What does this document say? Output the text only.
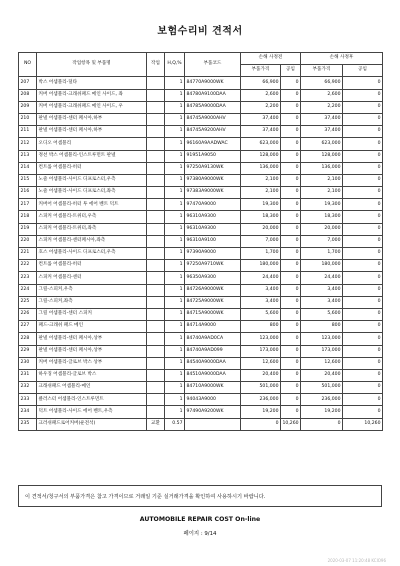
보험수리비 견적서
NO	작업항목 및 부품명	작업	H,Q,%	부품코드	손해 사정전		손해 사정후	
					부품가격	공임	부품가격	공임
207	박스 어셈블리-딜타		1	84770A9000WK	66,900	0	66,900	0
208	커버 어셈블리-크래쉬패드 메인 사이드, 좌		1	84780A9100DAA	2,600	0	2,600	0
209	커버 어셈블리-크래쉬패드 메인 사이드, 우		1	84785A9000DAA	2,200	0	2,200	0
210	판넬 어셈블리-센터 페시아,하부		1	84745A9000AHV	37,400	0	37,400	0
211	판넬 어셈블리-센터 페시아,하부		1	84745A9200AHV	37,400	0	37,400	0
212	오디오 어셈블리		1	96160A9AADWAC	623,000	0	623,000	0
213	정션 박스 어셈블리-인스트루먼트 판넬		1	91951A9050	128,000	0	128,000	0
214	컨트롤 어셈블리-히터		1	97250A9130WK	136,000	0	136,000	0
215	노즐 어셈블리-사이드 디프로스터,우측		1	97380A9000WK	2,100	0	2,100	0
216	노즐 어셈블리-사이드 디프로스터,좌측		1	97383A9000WK	2,100	0	2,100	0
217	커버어 어셈블리-히터 투 에어 벤트 덕트		1	97470A9000	19,300	0	19,300	0
218	스피커 어셈블리-트위터,우측		1	96310A9300	18,300	0	18,300	0
219	스피커 어셈블리-트위터,좌측		1	96310A9300	20,000	0	20,000	0
220	스피커 어셈블리-센터페시아,좌측		1	96310A9100	7,000	0	7,000	0
221	호스 어셈블리-사이드 디프로스터,우측		1	97390A9000	1,700	0	1,700	0
222	컨트롤 어셈블리-히터		1	97250A9710WK	180,000	0	180,000	0
223	스피커 어셈블리-센터		1	96350A9300	24,400	0	24,400	0
224	그릴-스피커,우측		1	84726A9000WK	3,400	0	3,400	0
225	그릴-스피커,좌측		1	84725A9000WK	3,400	0	3,400	0
226	그릴 어셈블리-센터 스피커		1	84715A9000WK	5,600	0	5,600	0
227	패드-크래쉬 패드 메인		1	84714A9000	800	0	800	0
228	판넬 어셈블리-센터 페시아,상부		1	84740A9AD0CA	123,000	0	123,000	0
229	판넬 어셈블리-센터 페시아,상부		1	84740A9AD099	173,000	0	173,000	0
230	커버 어셈블리-글로브 박스 상부		1	84540A9000DAA	12,600	0	12,600	0
231	하우징 어셈블리-글로브 박스		1	84510A9000DAA	20,400	0	20,400	0
232	크래쉬패드 어셈블리-메인		1	84710A9000WK	501,000	0	501,000	0
233	클러스터 어셈블리-인스트루먼트		1	94043A9000	236,000	0	236,000	0
234	덕트 어셈블리-사이드 에어 벤트,우측		1	97490A9200WK	19,200	0	19,200	0
235	크러쉬패드로어커버(운전석)	교환	0.57		0	10,260	0	10,260
이 견적서/청구서의 부품가격은 참고 가격이므로 거래일 기준 실거래가격을 확인하여 사용하시기 바랍니다.
AUTOMOBILE REPAIR COST On-line
페이지 : 9/14
2020-03-07 11:20:48 KCIO96
